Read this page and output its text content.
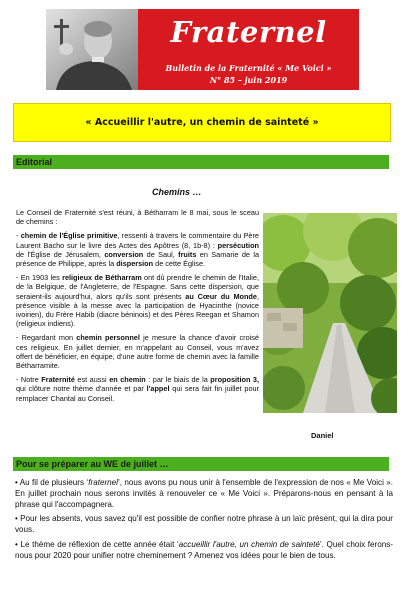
Fraternel
Bulletin de la Fraternité « Me Voici »
N° 85 – juin 2019
« Accueillir l'autre, un chemin de sainteté »
Editorial
Chemins …

Le Conseil de Fraternité s'est réuni, à Bétharram le 8 mai, sous le sceau de chemins :

- chemin de l'Église primitive, ressenti à travers le commentaire du Père Laurent Bacho sur le livre des Actes des Apôtres (8, 1b-8) : persécution de l'Église de Jérusalem, conversion de Saul, fruits en Samarie de la présence de Philippe, après la dispersion de cette Église.

- En 1903 les religieux de Bétharram ont dû prendre le chemin de l'Italie, de la Belgique, de l'Angleterre, de l'Espagne. Sans cette dispersion, que seraient-ils aujourd'hui, alors qu'ils sont présents au Cœur du Monde, présence visible à la messe avec la participation de Hyacinthe (novice ivoirien), du Frère Habib (diacre béninois) et des Pères Reegan et Shamon (religieux indiens).

- Regardant mon chemin personnel je mesure la chance d'avoir croisé ces religieux. En juillet dernier, en m'appelant au Conseil, vous m'avez offert de bénéficier, en équipe, d'une autre forme de chemin avec la famille Bétharramite.

- Notre Fraternité est aussi en chemin : par le biais de la proposition 3, qui clôture notre thème d'année et par l'appel qui sera fait fin juillet pour remplacer Chantal au Conseil.

Daniel
Pour se préparer au WE de juillet …

• Au fil de plusieurs ‘fraternel’, nous avons pu nous unir à l'ensemble de l'expression de nos « Me Voici ». En juillet prochain nous serons invités à renouveler ce « Me Voici ». Préparons-nous en pensant à la phrase qui l'accompagnera.

• Pour les absents, vous savez qu'il est possible de confier notre phrase à un laïc présent, qui la dira pour vous.

• Le thème de réflexion de cette année était ‘accueillir l'autre, un chemin de sainteté’. Quel choix ferons-nous pour 2020 pour unifier notre cheminement ? Amenez vos idées pour le bien de tous.
